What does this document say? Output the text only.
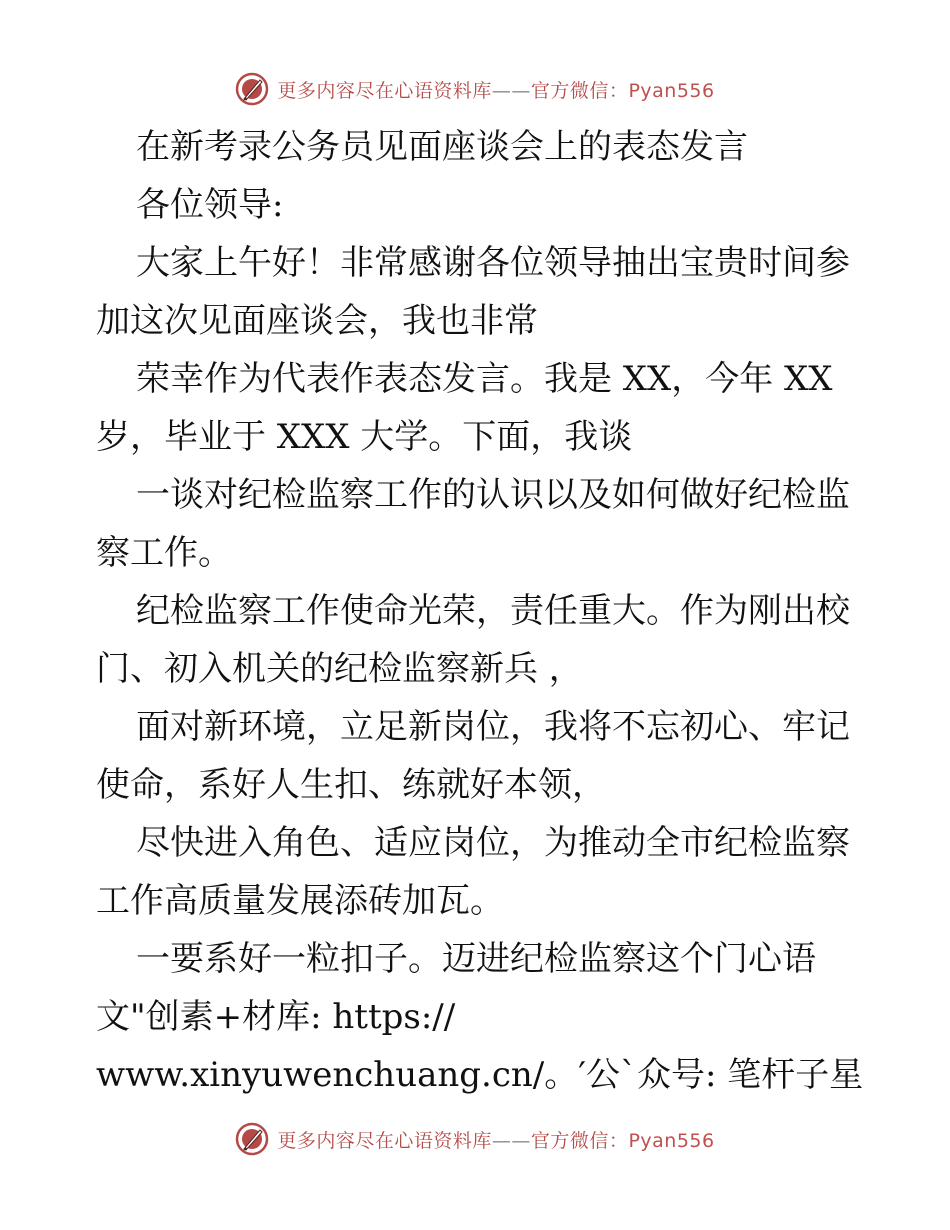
更多内容尽在心语资料库——官方微信：Pyan556
在新考录公务员见面座谈会上的表态发言
各位领导:
大家上午好！非常感谢各位领导抽出宝贵时间参
加这次见面座谈会，我也非常
荣幸作为代表作表态发言。我是 XX，今年 XX
岁，毕业于 XXX 大学。下面，我谈
一谈对纪检监察工作的认识以及如何做好纪检监
察工作。
纪检监察工作使命光荣，责任重大。作为刚出校
门、初入机关的纪检监察新兵 ，
面对新环境，立足新岗位，我将不忘初心、牢记
使命，系好人生扣、练就好本领，
尽快进入角色、适应岗位，为推动全市纪检监察
工作高质量发展添砖加瓦。
一要系好一粒扣子。迈进纪检监察这个门心语
文"创素+材库: https://
www.xinyuwenchuang.cn/。′公`众号: 笔杆子星
更多内容尽在心语资料库——官方微信：Pyan556
